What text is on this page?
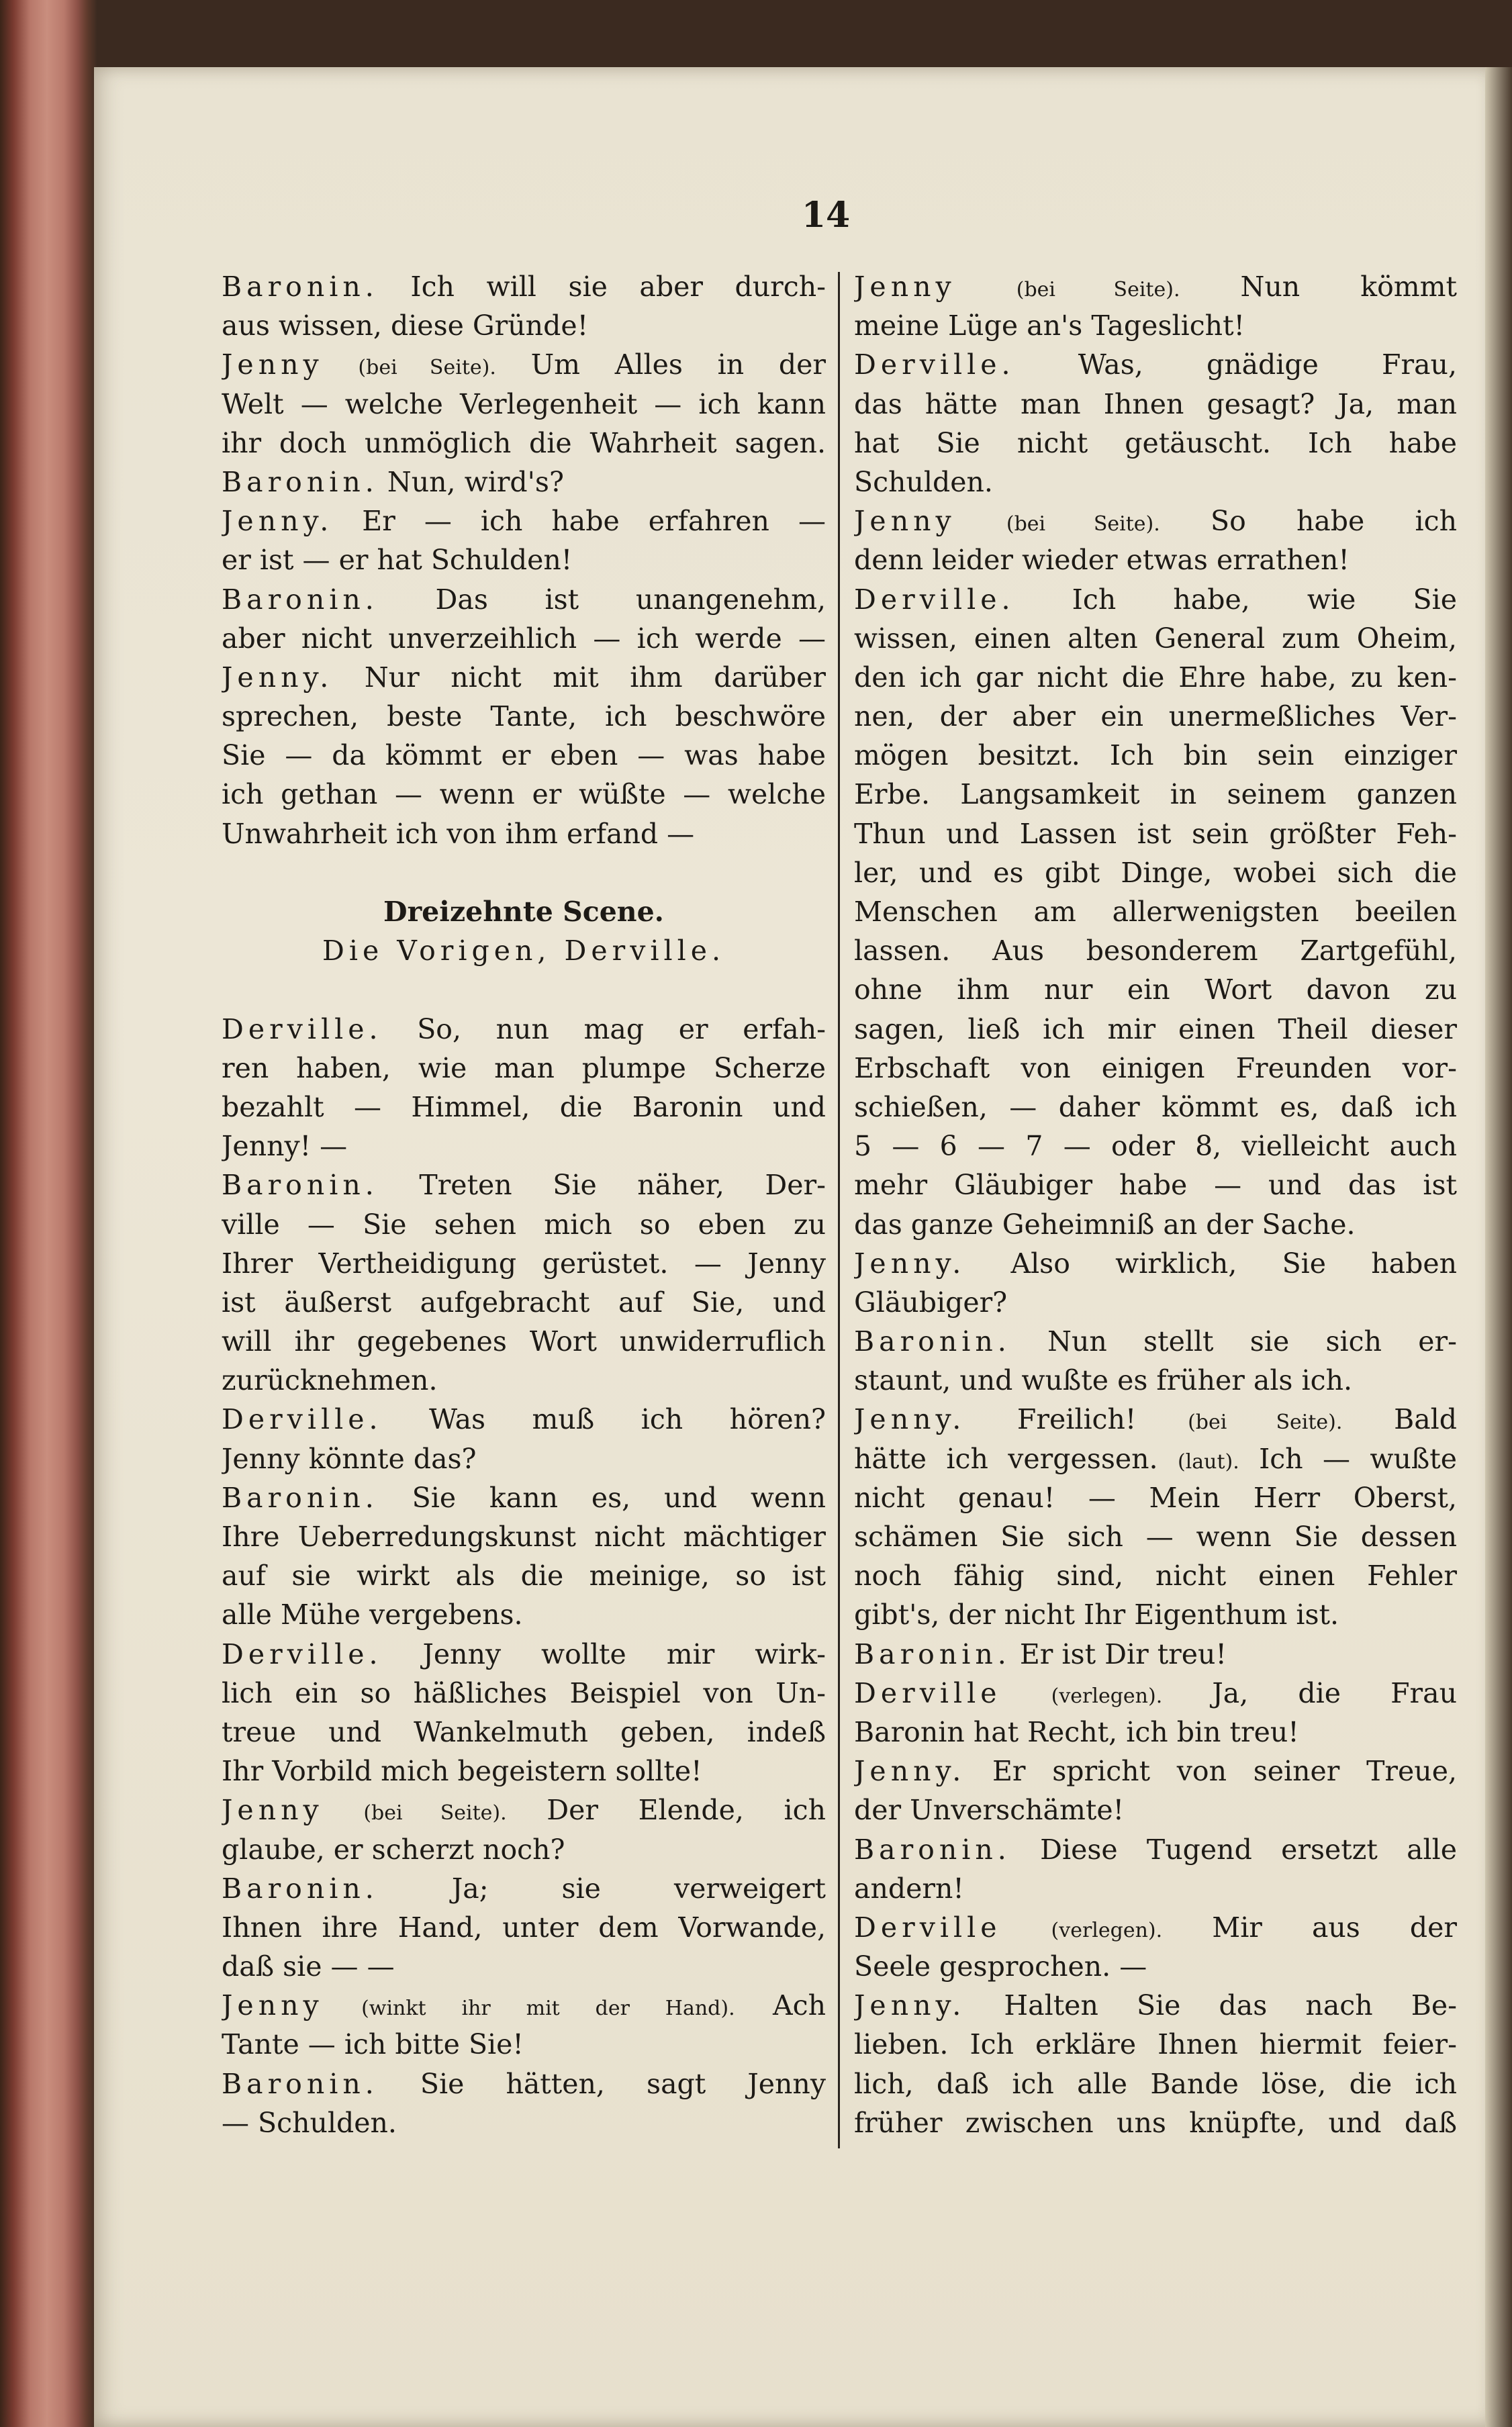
14
Baronin. Ich will sie aber durch-
aus wissen, diese Gründe!
Jenny (bei Seite). Um Alles in der
Welt — welche Verlegenheit — ich kann
ihr doch unmöglich die Wahrheit sagen.
Baronin. Nun, wird's?
Jenny. Er — ich habe erfahren —
er ist — er hat Schulden!
Baronin. Das ist unangenehm,
aber nicht unverzeihlich — ich werde —
Jenny. Nur nicht mit ihm darüber
sprechen, beste Tante, ich beschwöre
Sie — da kömmt er eben — was habe
ich gethan — wenn er wüßte — welche
Unwahrheit ich von ihm erfand —
Dreizehnte Scene.
Die Vorigen, Derville.
Derville. So, nun mag er erfah-
ren haben, wie man plumpe Scherze
bezahlt — Himmel, die Baronin und
Jenny! —
Baronin. Treten Sie näher, Der-
ville — Sie sehen mich so eben zu
Ihrer Vertheidigung gerüstet. — Jenny
ist äußerst aufgebracht auf Sie, und
will ihr gegebenes Wort unwiderruflich
zurücknehmen.
Derville. Was muß ich hören?
Jenny könnte das?
Baronin. Sie kann es, und wenn
Ihre Ueberredungskunst nicht mächtiger
auf sie wirkt als die meinige, so ist
alle Mühe vergebens.
Derville. Jenny wollte mir wirk-
lich ein so häßliches Beispiel von Un-
treue und Wankelmuth geben, indeß
Ihr Vorbild mich begeistern sollte!
Jenny (bei Seite). Der Elende, ich
glaube, er scherzt noch?
Baronin. Ja; sie verweigert
Ihnen ihre Hand, unter dem Vorwande,
daß sie — —
Jenny (winkt ihr mit der Hand). Ach
Tante — ich bitte Sie!
Baronin. Sie hätten, sagt Jenny
— Schulden.
Jenny	(bei Seite). Nun kömmt
meine Lüge an's Tageslicht!
Derville. Was, gnädige Frau,
das hätte man Ihnen gesagt? Ja, man
hat Sie nicht getäuscht. Ich habe
Schulden.
Jenny	(bei Seite). So habe ich
denn leider wieder etwas errathen!
Derville. Ich habe, wie Sie
wissen, einen alten General zum Oheim,
den ich gar nicht die Ehre habe, zu ken-
nen, der aber ein unermeßliches Ver-
mögen besitzt. Ich bin sein einziger
Erbe. Langsamkeit in seinem ganzen
Thun und Lassen ist sein größter Feh-
ler, und es gibt Dinge, wobei sich die
Menschen am allerwenigsten beeilen
lassen. Aus besonderem Zartgefühl,
ohne ihm nur ein Wort davon zu
sagen, ließ ich mir einen Theil dieser
Erbschaft von einigen Freunden vor-
schießen, — daher kömmt es, daß ich
5 — 6 — 7 — oder 8, vielleicht auch
mehr Gläubiger habe — und das ist
das ganze Geheimniß an der Sache.
Jenny. Also wirklich, Sie haben
Gläubiger?
Baronin. Nun stellt sie sich er-
staunt, und wußte es früher als ich.
Jenny. Freilich! (bei Seite). Bald
hätte ich vergessen. (laut). Ich — wußte
nicht genau! — Mein Herr Oberst,
schämen Sie sich — wenn Sie dessen
noch fähig sind, nicht einen Fehler
gibt's, der nicht Ihr Eigenthum ist.
Baronin. Er ist Dir treu!
Derville (verlegen). Ja, die Frau
Baronin hat Recht, ich bin treu!
Jenny. Er spricht von seiner Treue,
der Unverschämte!
Baronin. Diese Tugend ersetzt alle
andern!
Derville (verlegen). Mir aus der
Seele gesprochen. —
Jenny. Halten Sie das nach Be-
lieben. Ich erkläre Ihnen hiermit feier-
lich, daß ich alle Bande löse, die ich
früher zwischen uns knüpfte, und daß
